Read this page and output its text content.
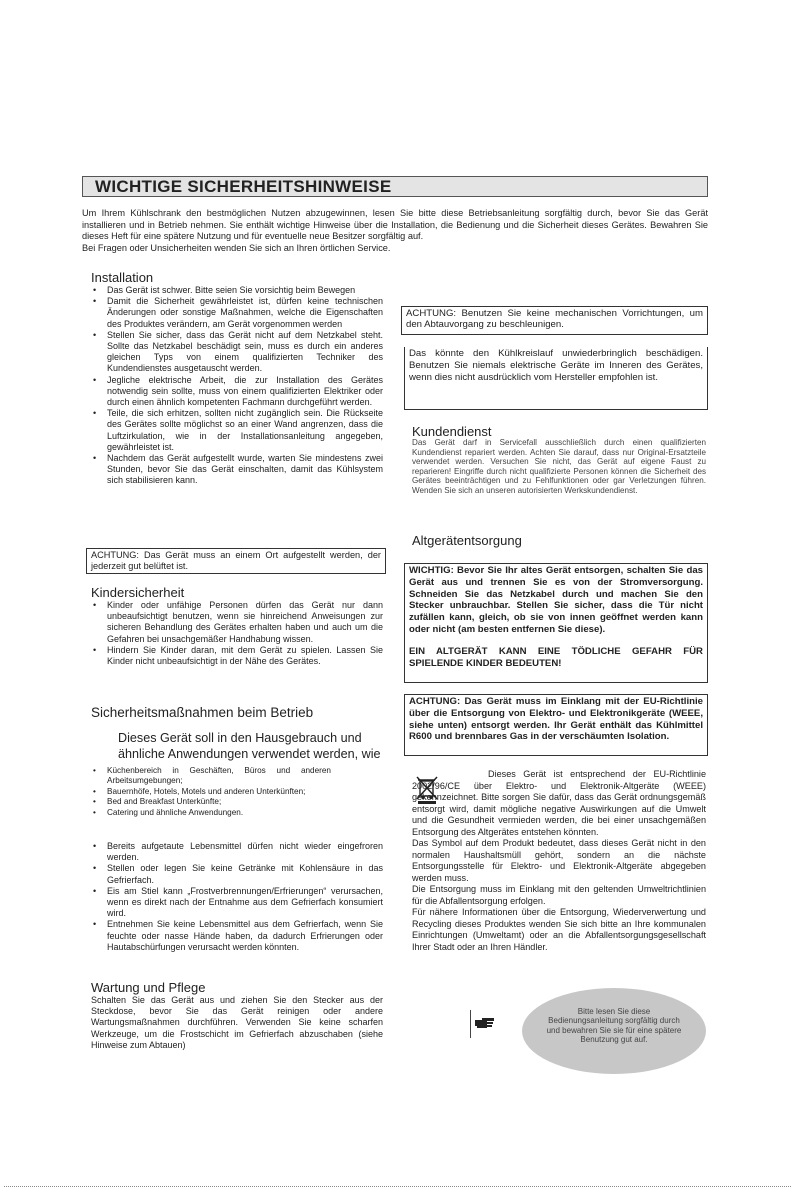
WICHTIGE SICHERHEITSHINWEISE

Um Ihrem Kühlschrank den bestmöglichen Nutzen abzugewinnen, lesen Sie bitte diese Betriebsanleitung sorgfältig durch, bevor Sie das Gerät installieren und in Betrieb nehmen. Sie enthält wichtige Hinweise über die Installation, die Bedienung und die Sicherheit dieses Gerätes. Bewahren Sie dieses Heft für eine spätere Nutzung und für eventuelle neue Besitzer sorgfältig auf.

Bei Fragen oder Unsicherheiten wenden Sie sich an Ihren örtlichen Service.

Installation
• Das Gerät ist schwer. Bitte seien Sie vorsichtig beim Bewegen
• Damit die Sicherheit gewährleistet ist, dürfen keine technischen Änderungen oder sonstige Maßnahmen, welche die Eigenschaften des Produktes verändern, am Gerät vorgenommen werden
• Stellen Sie sicher, dass das Gerät nicht auf dem Netzkabel steht. Sollte das Netzkabel beschädigt sein, muss es durch ein anderes gleichen Typs von einem qualifizierten Techniker des Kundendienstes ausgetauscht werden.
• Jegliche elektrische Arbeit, die zur Installation des Gerätes notwendig sein sollte, muss von einem qualifizierten Elektriker oder durch einen ähnlich kompetenten Fachmann durchgeführt werden.
• Teile, die sich erhitzen, sollten nicht zugänglich sein. Die Rückseite des Gerätes sollte möglichst so an einer Wand angrenzen, dass die Luftzirkulation, wie in der Installationsanleitung angegeben, gewährleistet ist.
• Nachdem das Gerät aufgestellt wurde, warten Sie mindestens zwei Stunden, bevor Sie das Gerät einschalten, damit das Kühlsystem sich stabilisieren kann.
ACHTUNG: Das Gerät muss an einem Ort aufgestellt werden, der jederzeit gut belüftet ist.
Kindersicherheit
• Kinder oder unfähige Personen dürfen das Gerät nur dann unbeaufsichtigt benutzen, wenn sie hinreichend Anweisungen zur sicheren Behandlung des Gerätes erhalten haben und auch um die Gefahren bei unsachgemäßer Handhabung wissen.
• Hindern Sie Kinder daran, mit dem Gerät zu spielen. Lassen Sie Kinder nicht unbeaufsichtigt in der Nähe des Gerätes.
Sicherheitsmaßnahmen beim Betrieb
Dieses Gerät soll in den Hausgebrauch und ähnliche Anwendungen verwendet werden, wie
• Küchenbereich in Geschäften, Büros und anderen Arbeitsumgebungen;
• Bauernhöfe, Hotels, Motels und anderen Unterkünften;
• Bed and Breakfast Unterkünfte;
• Catering und ähnliche Anwendungen.
• Bereits aufgetaute Lebensmittel dürfen nicht wieder eingefroren werden.
• Stellen oder legen Sie keine Getränke mit Kohlensäure in das Gefrierfach.
• Eis am Stiel kann „Frostverbrennungen/Erfrierungen“ verursachen, wenn es direkt nach der Entnahme aus dem Gefrierfach konsumiert wird.
• Entnehmen Sie keine Lebensmittel aus dem Gefrierfach, wenn Sie feuchte oder nasse Hände haben, da dadurch Erfrierungen oder Hautabschürfungen verursacht werden könnten.
Wartung und Pflege
Schalten Sie das Gerät aus und ziehen Sie den Stecker aus der Steckdose, bevor Sie das Gerät reinigen oder andere Wartungsmaßnahmen durchführen. Verwenden Sie keine scharfen Werkzeuge, um die Frostschicht im Gefrierfach abzuschaben (siehe Hinweise zum Abtauen)
ACHTUNG: Benutzen Sie keine mechanischen Vorrichtungen, um den Abtauvorgang zu beschleunigen.
Das könnte den Kühlkreislauf unwiederbringlich beschädigen. Benutzen Sie niemals elektrische Geräte im Inneren des Gerätes, wenn dies nicht ausdrücklich vom Hersteller empfohlen ist.
Kundendienst
Das Gerät darf in Servicefall ausschließlich durch einen qualifizierten Kundendienst repariert werden. Achten Sie darauf, dass nur Original-Ersatzteile verwendet werden. Versuchen Sie nicht, das Gerät auf eigene Faust zu reparieren! Eingriffe durch nicht qualifizierte Personen können die Sicherheit des Gerätes beeinträchtigen und zu Fehlfunktionen oder gar Verletzungen führen. Wenden Sie sich an unseren autorisierten Werkskundendienst.
Altgerätentsorgung
WICHTIG: Bevor Sie Ihr altes Gerät entsorgen, schalten Sie das Gerät aus und trennen Sie es von der Stromversorgung. Schneiden Sie das Netzkabel durch und machen Sie den Stecker unbrauchbar. Stellen Sie sicher, dass die Tür nicht zufällen kann, gleich, ob sie von innen geöffnet werden kann oder nicht (am besten entfernen Sie diese).
EIN ALTGERÄT KANN EINE TÖDLICHE GEFAHR FÜR SPIELENDE KINDER BEDEUTEN!
ACHTUNG: Das Gerät muss im Einklang mit der EU-Richtlinie über die Entsorgung von Elektro- und Elektronikgeräte (WEEE, siehe unten) entsorgt werden. Ihr Gerät enthält das Kühlmittel R600 und brennbares Gas in der verschäumten Isolation.
Dieses Gerät ist entsprechend der EU-Richtlinie 2002/96/CE über Elektro- und Elektronik-Altgeräte (WEEE) gekennzeichnet. Bitte sorgen Sie dafür, dass das Gerät ordnungsgemäß entsorgt wird, damit mögliche negative Auswirkungen auf die Umwelt und die Gesundheit vermieden werden, die bei einer unsachgemäßen Entsorgung des Altgerätes entstehen könnten.
Das Symbol auf dem Produkt bedeutet, dass dieses Gerät nicht in den normalen Haushaltsmüll gehört, sondern an die nächste Entsorgungsstelle für Elektro- und Elektronik-Altgeräte abgegeben werden muss.
Die Entsorgung muss im Einklang mit den geltenden Umweltrichtlinien für die Abfallentsorgung erfolgen.
Für nähere Informationen über die Entsorgung, Wiederverwertung und Recycling dieses Produktes wenden Sie sich bitte an Ihre kommunalen Einrichtungen (Umweltamt) oder an die Abfallentsorgungsgesellschaft Ihrer Stadt oder an Ihren Händler.
Bitte lesen Sie diese Bedienungsanleitung sorgfältig durch und bewahren Sie sie für eine spätere Benutzung gut auf.
